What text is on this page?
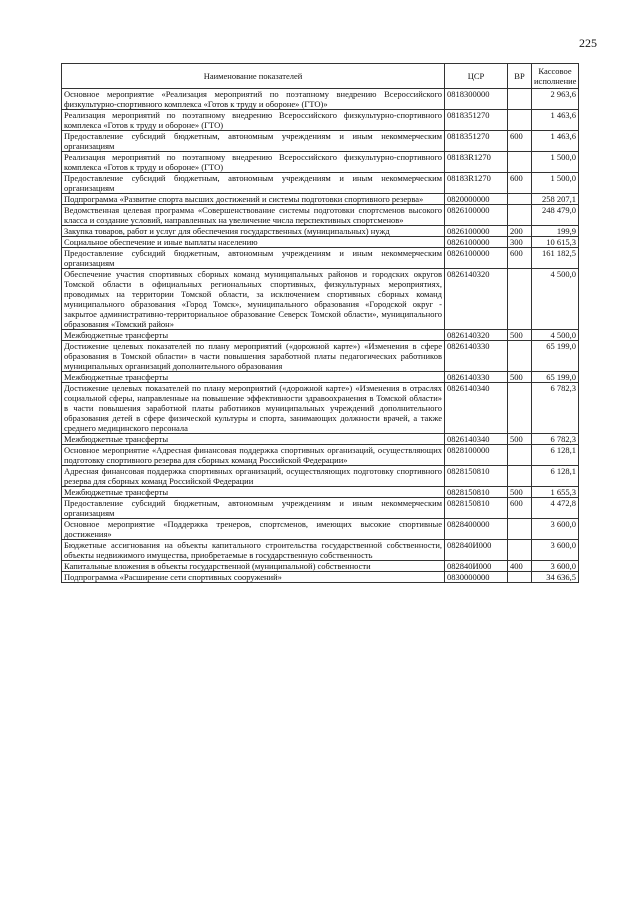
225
Наименование показателей	ЦСР	ВР	Кассовое исполнение
Основное мероприятие «Реализация мероприятий по поэтапному внедрению Всероссийского физкультурно-спортивного комплекса «Готов к труду и обороне» (ГТО)»	0818300000		2 963,6
Реализация мероприятий по поэтапному внедрению Всероссийского физкультурно-спортивного комплекса «Готов к труду и обороне» (ГТО)	0818351270		1 463,6
Предоставление субсидий бюджетным, автономным учреждениям и иным некоммерческим организациям	0818351270	600	1 463,6
Реализация мероприятий по поэтапному внедрению Всероссийского физкультурно-спортивного комплекса «Готов к труду и обороне» (ГТО)	08183R1270		1 500,0
Предоставление субсидий бюджетным, автономным учреждениям и иным некоммерческим организациям	08183R1270	600	1 500,0
Подпрограмма «Развитие спорта высших достижений и системы подготовки спортивного резерва»	0820000000		258 207,1
Ведомственная целевая программа «Совершенствование системы подготовки спортсменов высокого класса и создание условий, направленных на увеличение числа перспективных спортсменов»	0826100000		248 479,0
Закупка товаров, работ и услуг для обеспечения государственных (муниципальных) нужд	0826100000	200	199,9
Социальное обеспечение и иные выплаты населению	0826100000	300	10 615,3
Предоставление субсидий бюджетным, автономным учреждениям и иным некоммерческим организациям	0826100000	600	161 182,5
Обеспечение участия спортивных сборных команд муниципальных районов и городских округов Томской области в официальных региональных спортивных, физкультурных мероприятиях, проводимых на территории Томской области, за исключением спортивных сборных команд муниципального образования «Город Томск», муниципального образования «Городской округ - закрытое административно-территориальное образование Северск Томской области», муниципального образования «Томский район»	0826140320		4 500,0
Межбюджетные трансферты	0826140320	500	4 500,0
Достижение целевых показателей по плану мероприятий («дорожной карте») «Изменения в сфере образования в Томской области» в части повышения заработной платы педагогических работников муниципальных организаций дополнительного образования	0826140330		65 199,0
Межбюджетные трансферты	0826140330	500	65 199,0
Достижение целевых показателей по плану мероприятий («дорожной карте») «Изменения в отраслях социальной сферы, направленные на повышение эффективности здравоохранения в Томской области» в части повышения заработной платы работников муниципальных учреждений дополнительного образования детей в сфере физической культуры и спорта, занимающих должности врачей, а также среднего медицинского персонала	0826140340		6 782,3
Межбюджетные трансферты	0826140340	500	6 782,3
Основное мероприятие «Адресная финансовая поддержка спортивных организаций, осуществляющих подготовку спортивного резерва для сборных команд Российской Федерации»	0828100000		6 128,1
Адресная финансовая поддержка спортивных организаций, осуществляющих подготовку спортивного резерва для сборных команд Российской Федерации	0828150810		6 128,1
Межбюджетные трансферты	0828150810	500	1 655,3
Предоставление субсидий бюджетным, автономным учреждениям и иным некоммерческим организациям	0828150810	600	4 472,8
Основное мероприятие «Поддержка тренеров, спортсменов, имеющих высокие спортивные достижения»	0828400000		3 600,0
Бюджетные ассигнования на объекты капитального строительства государственной собственности, объекты недвижимого имущества, приобретаемые в государственную собственность	082840И000		3 600,0
Капитальные вложения в объекты государственной (муниципальной) собственности	082840И000	400	3 600,0
Подпрограмма «Расширение сети спортивных сооружений»	0830000000		34 636,5
